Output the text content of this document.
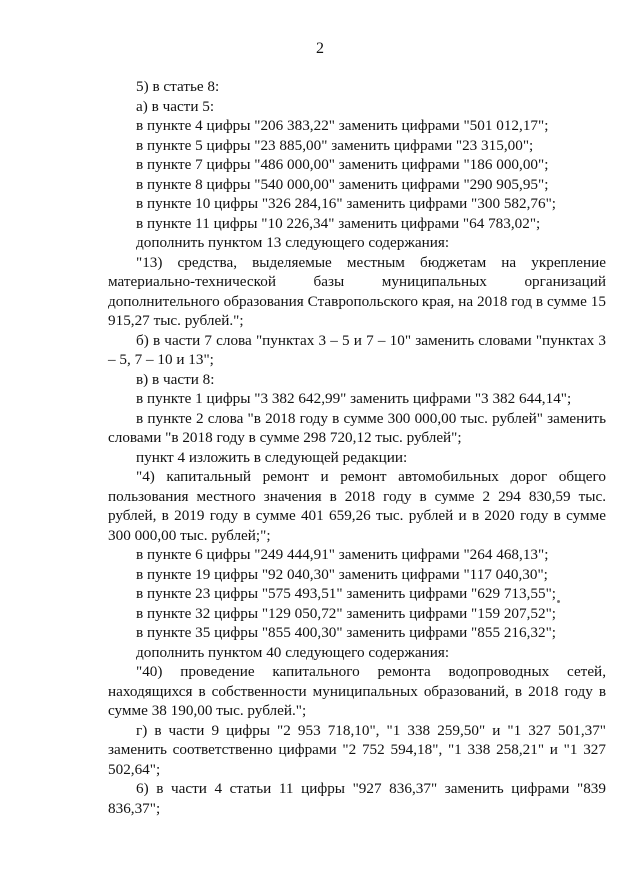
2

5) в статье 8:

а) в части 5:

в пункте 4 цифры "206 383,22" заменить цифрами "501 012,17";

в пункте 5 цифры "23 885,00" заменить цифрами "23 315,00";

в пункте 7 цифры "486 000,00" заменить цифрами "186 000,00";

в пункте 8 цифры "540 000,00" заменить цифрами "290 905,95";

в пункте 10 цифры "326 284,16" заменить цифрами "300 582,76";

в пункте 11 цифры "10 226,34" заменить цифрами "64 783,02";

дополнить пунктом 13 следующего содержания:

"13) средства, выделяемые местным бюджетам на укрепление материально-технической базы муниципальных организаций дополнительного образования Ставропольского края, на 2018 год в сумме 15 915,27 тыс. рублей.";

б) в части 7 слова "пунктах 3 – 5 и 7 – 10" заменить словами "пунктах 3 – 5, 7 – 10 и 13";

в) в части 8:

в пункте 1 цифры "3 382 642,99" заменить цифрами "3 382 644,14";

в пункте 2 слова "в 2018 году в сумме 300 000,00 тыс. рублей" заменить словами "в 2018 году в сумме 298 720,12 тыс. рублей";

пункт 4 изложить в следующей редакции:

"4) капитальный ремонт и ремонт автомобильных дорог общего пользования местного значения в 2018 году в сумме 2 294 830,59 тыс. рублей, в 2019 году в сумме 401 659,26 тыс. рублей и в 2020 году в сумме 300 000,00 тыс. рублей;";

в пункте 6 цифры "249 444,91" заменить цифрами "264 468,13";

в пункте 19 цифры "92 040,30" заменить цифрами "117 040,30";

в пункте 23 цифры "575 493,51" заменить цифрами "629 713,55";

в пункте 32 цифры "129 050,72" заменить цифрами "159 207,52";

в пункте 35 цифры "855 400,30" заменить цифрами "855 216,32";

дополнить пунктом 40 следующего содержания:

"40) проведение капитального ремонта водопроводных сетей, находящихся в собственности муниципальных образований, в 2018 году в сумме 38 190,00 тыс. рублей.";

г) в части 9 цифры "2 953 718,10", "1 338 259,50" и "1 327 501,37" заменить соответственно цифрами "2 752 594,18", "1 338 258,21" и "1 327 502,64";

6) в части 4 статьи 11 цифры "927 836,37" заменить цифрами "839 836,37";
